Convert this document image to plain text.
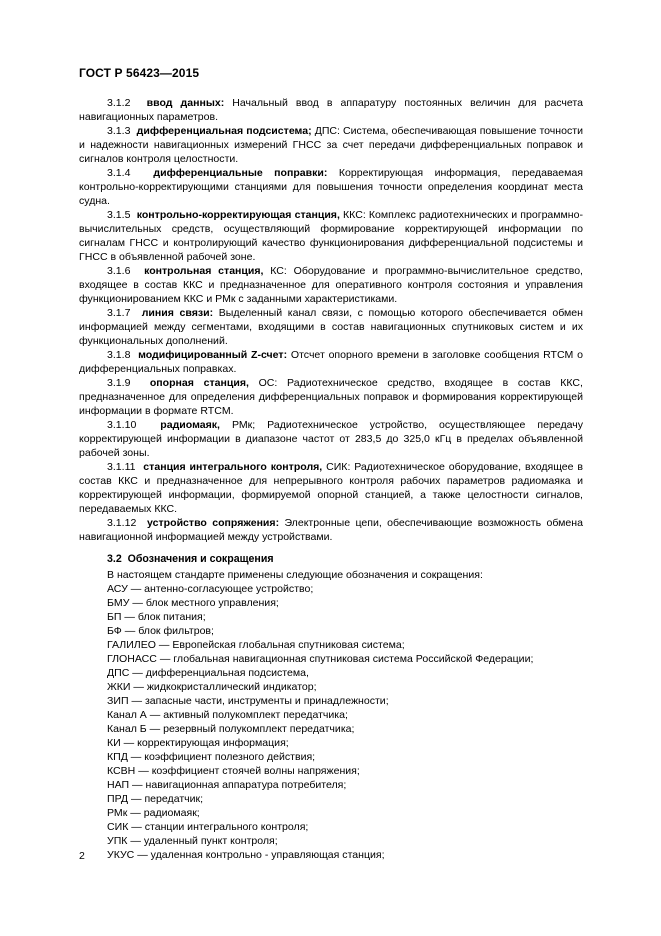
ГОСТ Р 56423—2015

3.1.2 ввод данных: Начальный ввод в аппаратуру постоянных величин для расчета навигационных параметров.

3.1.3 дифференциальная подсистема; ДПС: Система, обеспечивающая повышение точности и надежности навигационных измерений ГНСС за счет передачи дифференциальных поправок и сигналов контроля целостности.

3.1.4 дифференциальные поправки: Корректирующая информация, передаваемая контрольно-корректирующими станциями для повышения точности определения координат места судна.

3.1.5 контрольно-корректирующая станция, ККС: Комплекс радиотехнических и программно-вычислительных средств, осуществляющий формирование корректирующей информации по сигналам ГНСС и контролирующий качество функционирования дифференциальной подсистемы и ГНСС в объявленной рабочей зоне.

3.1.6 контрольная станция, КС: Оборудование и программно-вычислительное средство, входящее в состав ККС и предназначенное для оперативного контроля состояния и управления функционированием ККС и РМк с заданными характеристиками.

3.1.7 линия связи: Выделенный канал связи, с помощью которого обеспечивается обмен информацией между сегментами, входящими в состав навигационных спутниковых систем и их функциональных дополнений.

3.1.8 модифицированный Z-счет: Отсчет опорного времени в заголовке сообщения RTCM о дифференциальных поправках.

3.1.9 опорная станция, ОС: Радиотехническое средство, входящее в состав ККС, предназначенное для определения дифференциальных поправок и формирования корректирующей информации в формате RTCM.

3.1.10 радиомаяк, РМк; Радиотехническое устройство, осуществляющее передачу корректирующей информации в диапазоне частот от 283,5 до 325,0 кГц в пределах объявленной рабочей зоны.

3.1.11 станция интегрального контроля, СИК: Радиотехническое оборудование, входящее в состав ККС и предназначенное для непрерывного контроля рабочих параметров радиомаяка и корректирующей информации, формируемой опорной станцией, а также целостности сигналов, передаваемых ККС.

3.1.12 устройство сопряжения: Электронные цепи, обеспечивающие возможность обмена навигационной информацией между устройствами.

3.2 Обозначения и сокращения

В настоящем стандарте применены следующие обозначения и сокращения:

АСУ — антенно-согласующее устройство;
БМУ — блок местного управления;
БП — блок питания;
БФ — блок фильтров;
ГАЛИЛЕО — Европейская глобальная спутниковая система;
ГЛОНАСС — глобальная навигационная спутниковая система Российской Федерации;
ДПС — дифференциальная подсистема,
ЖКИ — жидкокристаллический индикатор;
ЗИП — запасные части, инструменты и принадлежности;
Канал А — активный полукомплект передатчика;
Канал Б — резервный полукомплект передатчика;
КИ — корректирующая информация;
КПД — коэффициент полезного действия;
КСВН — коэффициент стоячей волны напряжения;
НАП — навигационная аппаратура потребителя;
ПРД — передатчик;
РМк — радиомаяк;
СИК — станции интегрального контроля;
УПК — удаленный пункт контроля;
УКУС — удаленная контрольно - управляющая станция;
2
